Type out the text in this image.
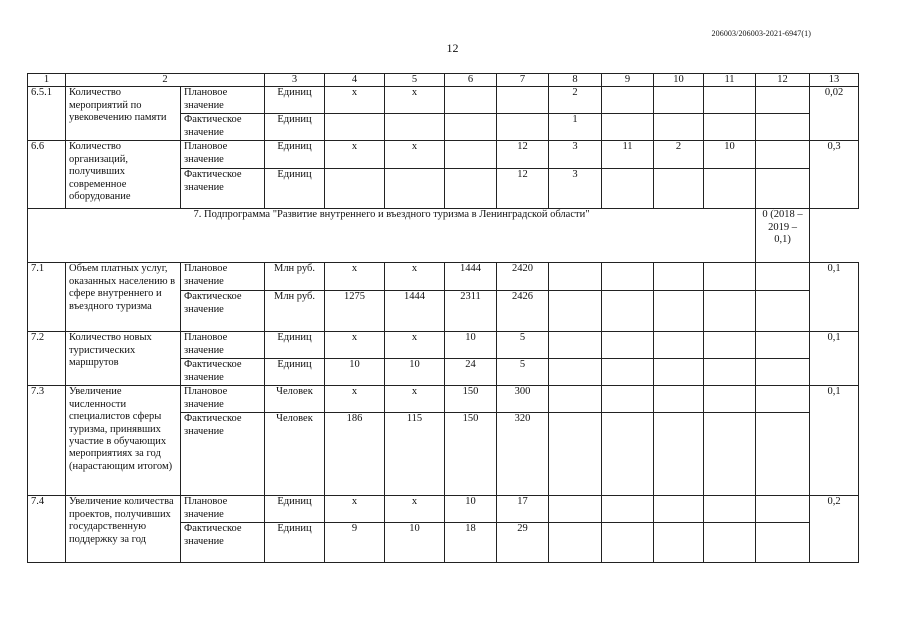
206003/206003-2021-6947(1)
12
1	2		3	4	5	6	7	8	9	10	11	12	13
6.5.1	Количество мероприятий по увековечению памяти	Плановое значение	Единиц	х	х			2					0,02
		Фактическое значение	Единиц					1					
6.6	Количество организаций, получивших современное оборудование	Плановое значение	Единиц	х	х		12	3	11	2	10		0,3
		Фактическое значение	Единиц				12	3					
7. Подпрограмма "Развитие внутреннего и въездного туризма в Ленинградской области"												0 (2018 – 2019 – 0,1)	
7.1	Объем платных услуг, оказанных населению в сфере внутреннего и въездного туризма	Плановое значение	Млн руб.	х	х	1444	2420						0,1
		Фактическое значение	Млн руб.	1275	1444	2311	2426						
7.2	Количество новых туристических маршрутов	Плановое значение	Единиц	х	х	10	5						0,1
		Фактическое значение	Единиц	10	10	24	5						
7.3	Увеличение численности специалистов сферы туризма, принявших участие в обучающих мероприятиях за год (нарастающим итогом)	Плановое значение	Человек	х	х	150	300						0,1
		Фактическое значение	Человек	186	115	150	320						
7.4	Увеличение количества проектов, получивших государственную поддержку за год	Плановое значение	Единиц	х	х	10	17						0,2
		Фактическое значение	Единиц	9	10	18	29						
